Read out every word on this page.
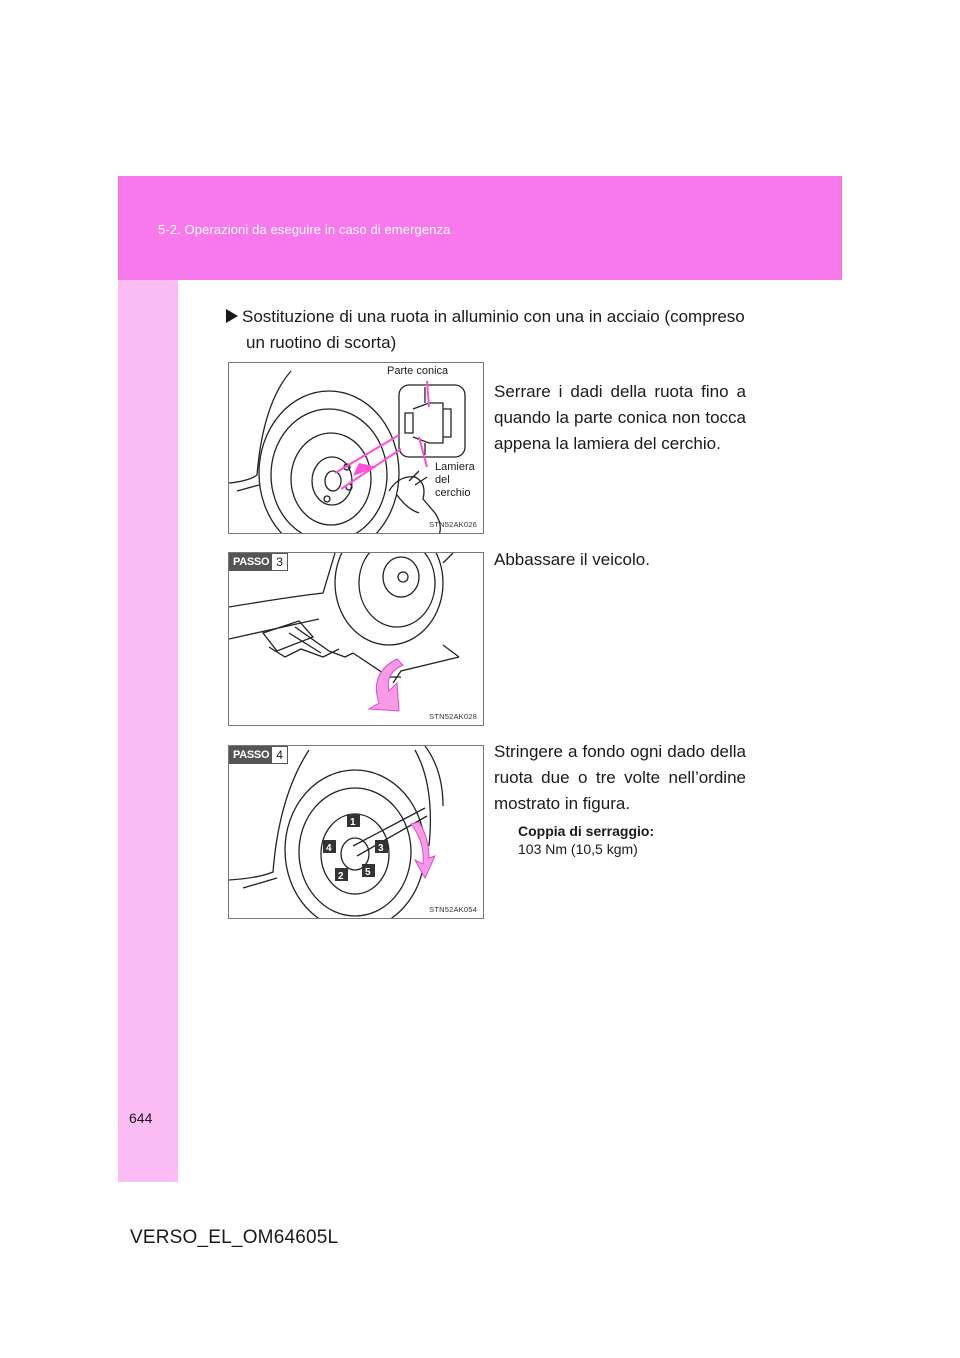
5-2. Operazioni da eseguire in caso di emergenza
Sostituzione di una ruota in alluminio con una in acciaio (compreso
un ruotino di scorta)
Parte conica
Lamiera
del
cerchio
STN52AK026
Serrare i dadi della ruota fino a quando la parte conica non tocca appena la lamiera del cerchio.
PASSO 3
STN52AK028
Abbassare il veicolo.
1
4	3
2 5
PASSO 4
STN52AK054
Stringere a fondo ogni dado della ruota due o tre volte nell’ordine mostrato in figura.
Coppia di serraggio:
103 Nm (10,5 kgm)
644
VERSO_EL_OM64605L
